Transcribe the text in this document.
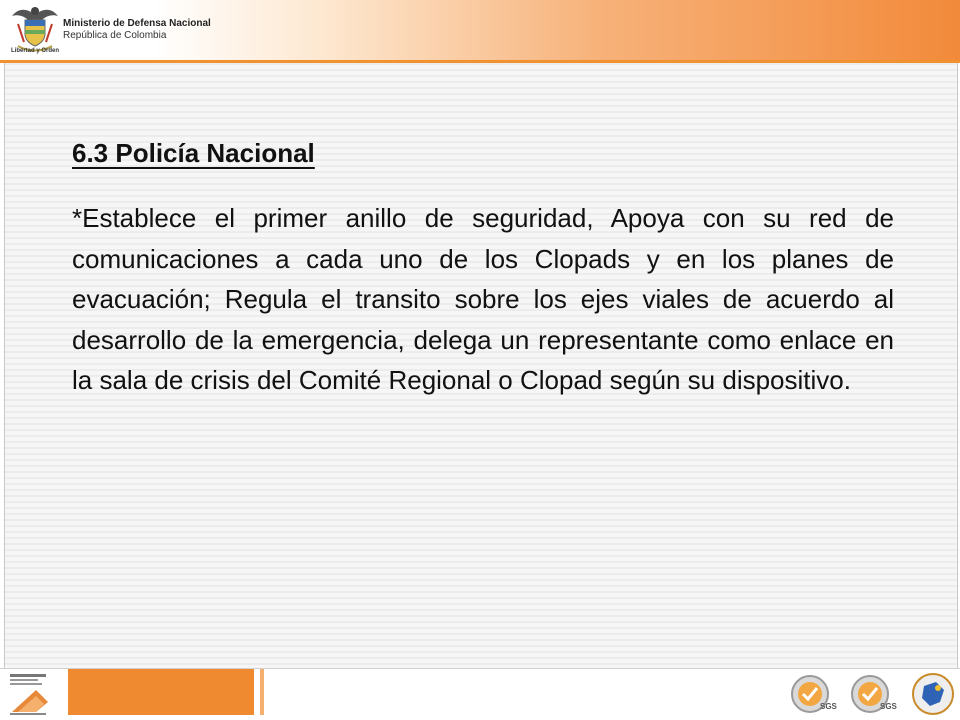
Libertad y Orden
Ministerio de Defensa Nacional
República de Colombia
6.3 Policía Nacional
*Establece el primer anillo de seguridad, Apoya con su red de comunicaciones a cada uno de los Clopads y en los planes de evacuación; Regula el transito sobre los ejes viales de acuerdo al desarrollo de la emergencia, delega un representante como enlace en la sala de crisis del Comité Regional o Clopad según su dispositivo.
SGS	SGS
